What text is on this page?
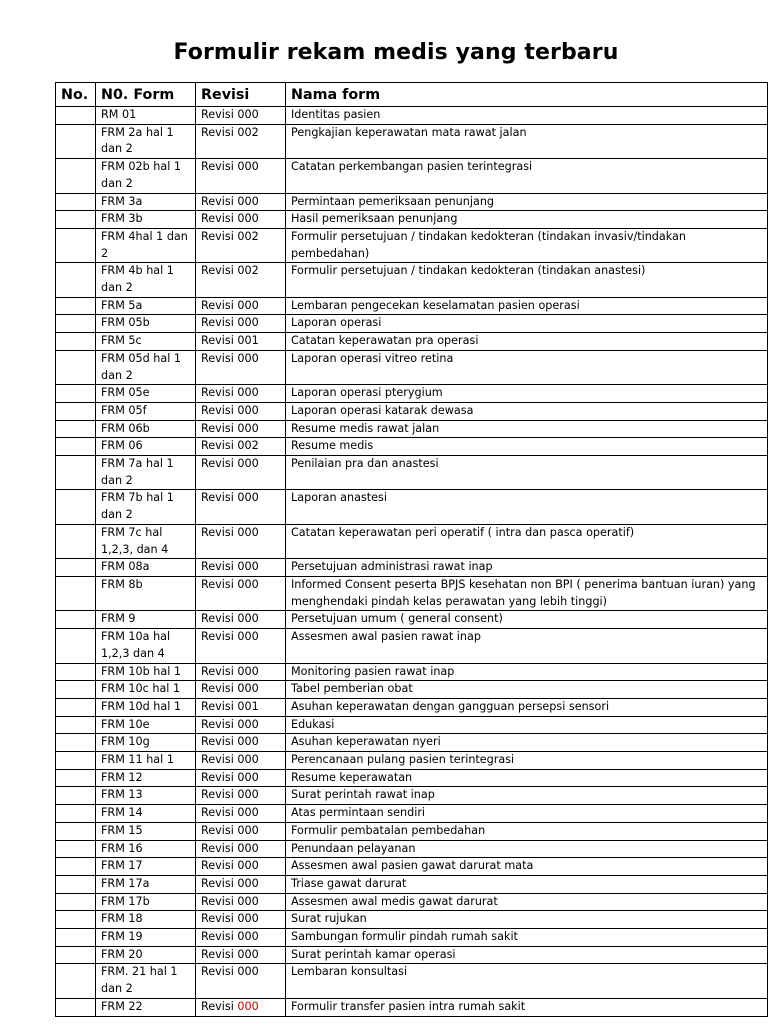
Formulir rekam medis yang terbaru
No.	N0. Form	Revisi	Nama form
	RM 01	Revisi 000	Identitas pasien
	FRM 2a hal 1 dan 2	Revisi 002	Pengkajian keperawatan mata rawat jalan
	FRM 02b hal 1 dan 2	Revisi 000	Catatan perkembangan pasien terintegrasi
	FRM 3a	Revisi 000	Permintaan pemeriksaan penunjang
	FRM 3b	Revisi 000	Hasil pemeriksaan penunjang
	FRM 4hal 1 dan 2	Revisi 002	Formulir persetujuan / tindakan kedokteran (tindakan invasiv/tindakan pembedahan)
	FRM 4b hal 1 dan 2	Revisi 002	Formulir persetujuan / tindakan kedokteran (tindakan anastesi)
	FRM 5a	Revisi 000	Lembaran pengecekan keselamatan pasien operasi
	FRM 05b	Revisi 000	Laporan operasi
	FRM 5c	Revisi 001	Catatan keperawatan pra operasi
	FRM 05d hal 1 dan 2	Revisi 000	Laporan operasi vitreo retina
	FRM 05e	Revisi 000	Laporan operasi pterygium
	FRM 05f	Revisi 000	Laporan operasi katarak dewasa
	FRM 06b	Revisi 000	Resume medis rawat jalan
	FRM 06	Revisi 002	Resume medis
	FRM 7a hal 1 dan 2	Revisi 000	Penilaian pra dan anastesi
	FRM 7b hal 1 dan 2	Revisi 000	Laporan anastesi
	FRM 7c hal 1,2,3, dan 4	Revisi 000	Catatan keperawatan peri operatif ( intra dan pasca operatif)
	FRM 08a	Revisi 000	Persetujuan administrasi rawat inap
	FRM 8b	Revisi 000	Informed Consent peserta BPJS kesehatan non BPI ( penerima bantuan iuran) yang menghendaki pindah kelas perawatan yang lebih tinggi)
	FRM 9	Revisi 000	Persetujuan umum ( general consent)
	FRM 10a hal 1,2,3 dan 4	Revisi 000	Assesmen awal pasien rawat inap
	FRM 10b hal 1	Revisi 000	Monitoring pasien rawat inap
	FRM 10c hal 1	Revisi 000	Tabel pemberian obat
	FRM 10d hal 1	Revisi 001	Asuhan keperawatan dengan gangguan persepsi sensori
	FRM 10e	Revisi 000	Edukasi
	FRM 10g	Revisi 000	Asuhan keperawatan nyeri
	FRM 11 hal 1	Revisi 000	Perencanaan pulang pasien terintegrasi
	FRM 12	Revisi 000	Resume keperawatan
	FRM 13	Revisi 000	Surat perintah rawat inap
	FRM 14	Revisi 000	Atas permintaan sendiri
	FRM 15	Revisi 000	Formulir pembatalan pembedahan
	FRM 16	Revisi 000	Penundaan pelayanan
	FRM 17	Revisi 000	Assesmen awal pasien gawat darurat mata
	FRM 17a	Revisi 000	Triase gawat darurat
	FRM 17b	Revisi 000	Assesmen awal medis gawat darurat
	FRM 18	Revisi 000	Surat rujukan
	FRM 19	Revisi 000	Sambungan formulir pindah rumah sakit
	FRM 20	Revisi 000	Surat perintah kamar operasi
	FRM. 21 hal 1 dan 2	Revisi 000	Lembaran konsultasi
	FRM 22	Revisi 000	Formulir transfer pasien intra rumah sakit
